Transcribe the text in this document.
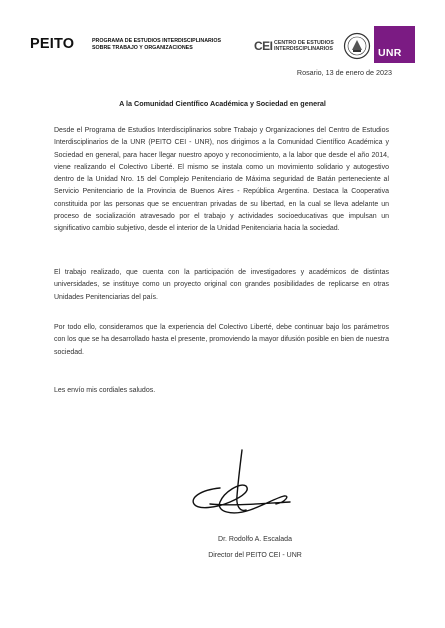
PEITO	PROGRAMA DE ESTUDIOS INTERDISCIPLINARIOS
SOBRE TRABAJO Y ORGANIZACIONES	CEI CENTRO DE ESTUDIOS
INTERDISCIPLINARIOS	UNR
Rosario, 13 de enero de 2023
A la Comunidad Científico Académica y Sociedad en general
Desde el Programa de Estudios Interdisciplinarios sobre Trabajo y Organizaciones del Centro de Estudios Interdisciplinarios de la UNR (PEITO CEI - UNR), nos dirigimos a la Comunidad Científico Académica y Sociedad en general, para hacer llegar nuestro apoyo y reconocimiento, a la labor que desde el año 2014, viene realizando el Colectivo Liberté. El mismo se instala como un movimiento solidario y autogestivo dentro de la Unidad Nro. 15 del Complejo Penitenciario de Máxima seguridad de Batán perteneciente al Servicio Penitenciario de la Provincia de Buenos Aires - República Argentina. Destaca la Cooperativa constituida por las personas que se encuentran privadas de su libertad, en la cual se lleva adelante un proceso de socialización atravesado por el trabajo y actividades socioeducativas que impulsan un significativo cambio subjetivo, desde el interior de la Unidad Penitenciaria hacia la sociedad.
El trabajo realizado, que cuenta con la participación de investigadores y académicos de distintas universidades, se instituye como un proyecto original con grandes posibilidades de replicarse en otras Unidades Penitenciarias del país.
Por todo ello, consideramos que la experiencia del Colectivo Liberté, debe continuar bajo los parámetros con los que se ha desarrollado hasta el presente, promoviendo la mayor difusión posible en bien de nuestra sociedad.
Les envío mis cordiales saludos.
Dr. Rodolfo A. Escalada
Director del PEITO CEI - UNR
